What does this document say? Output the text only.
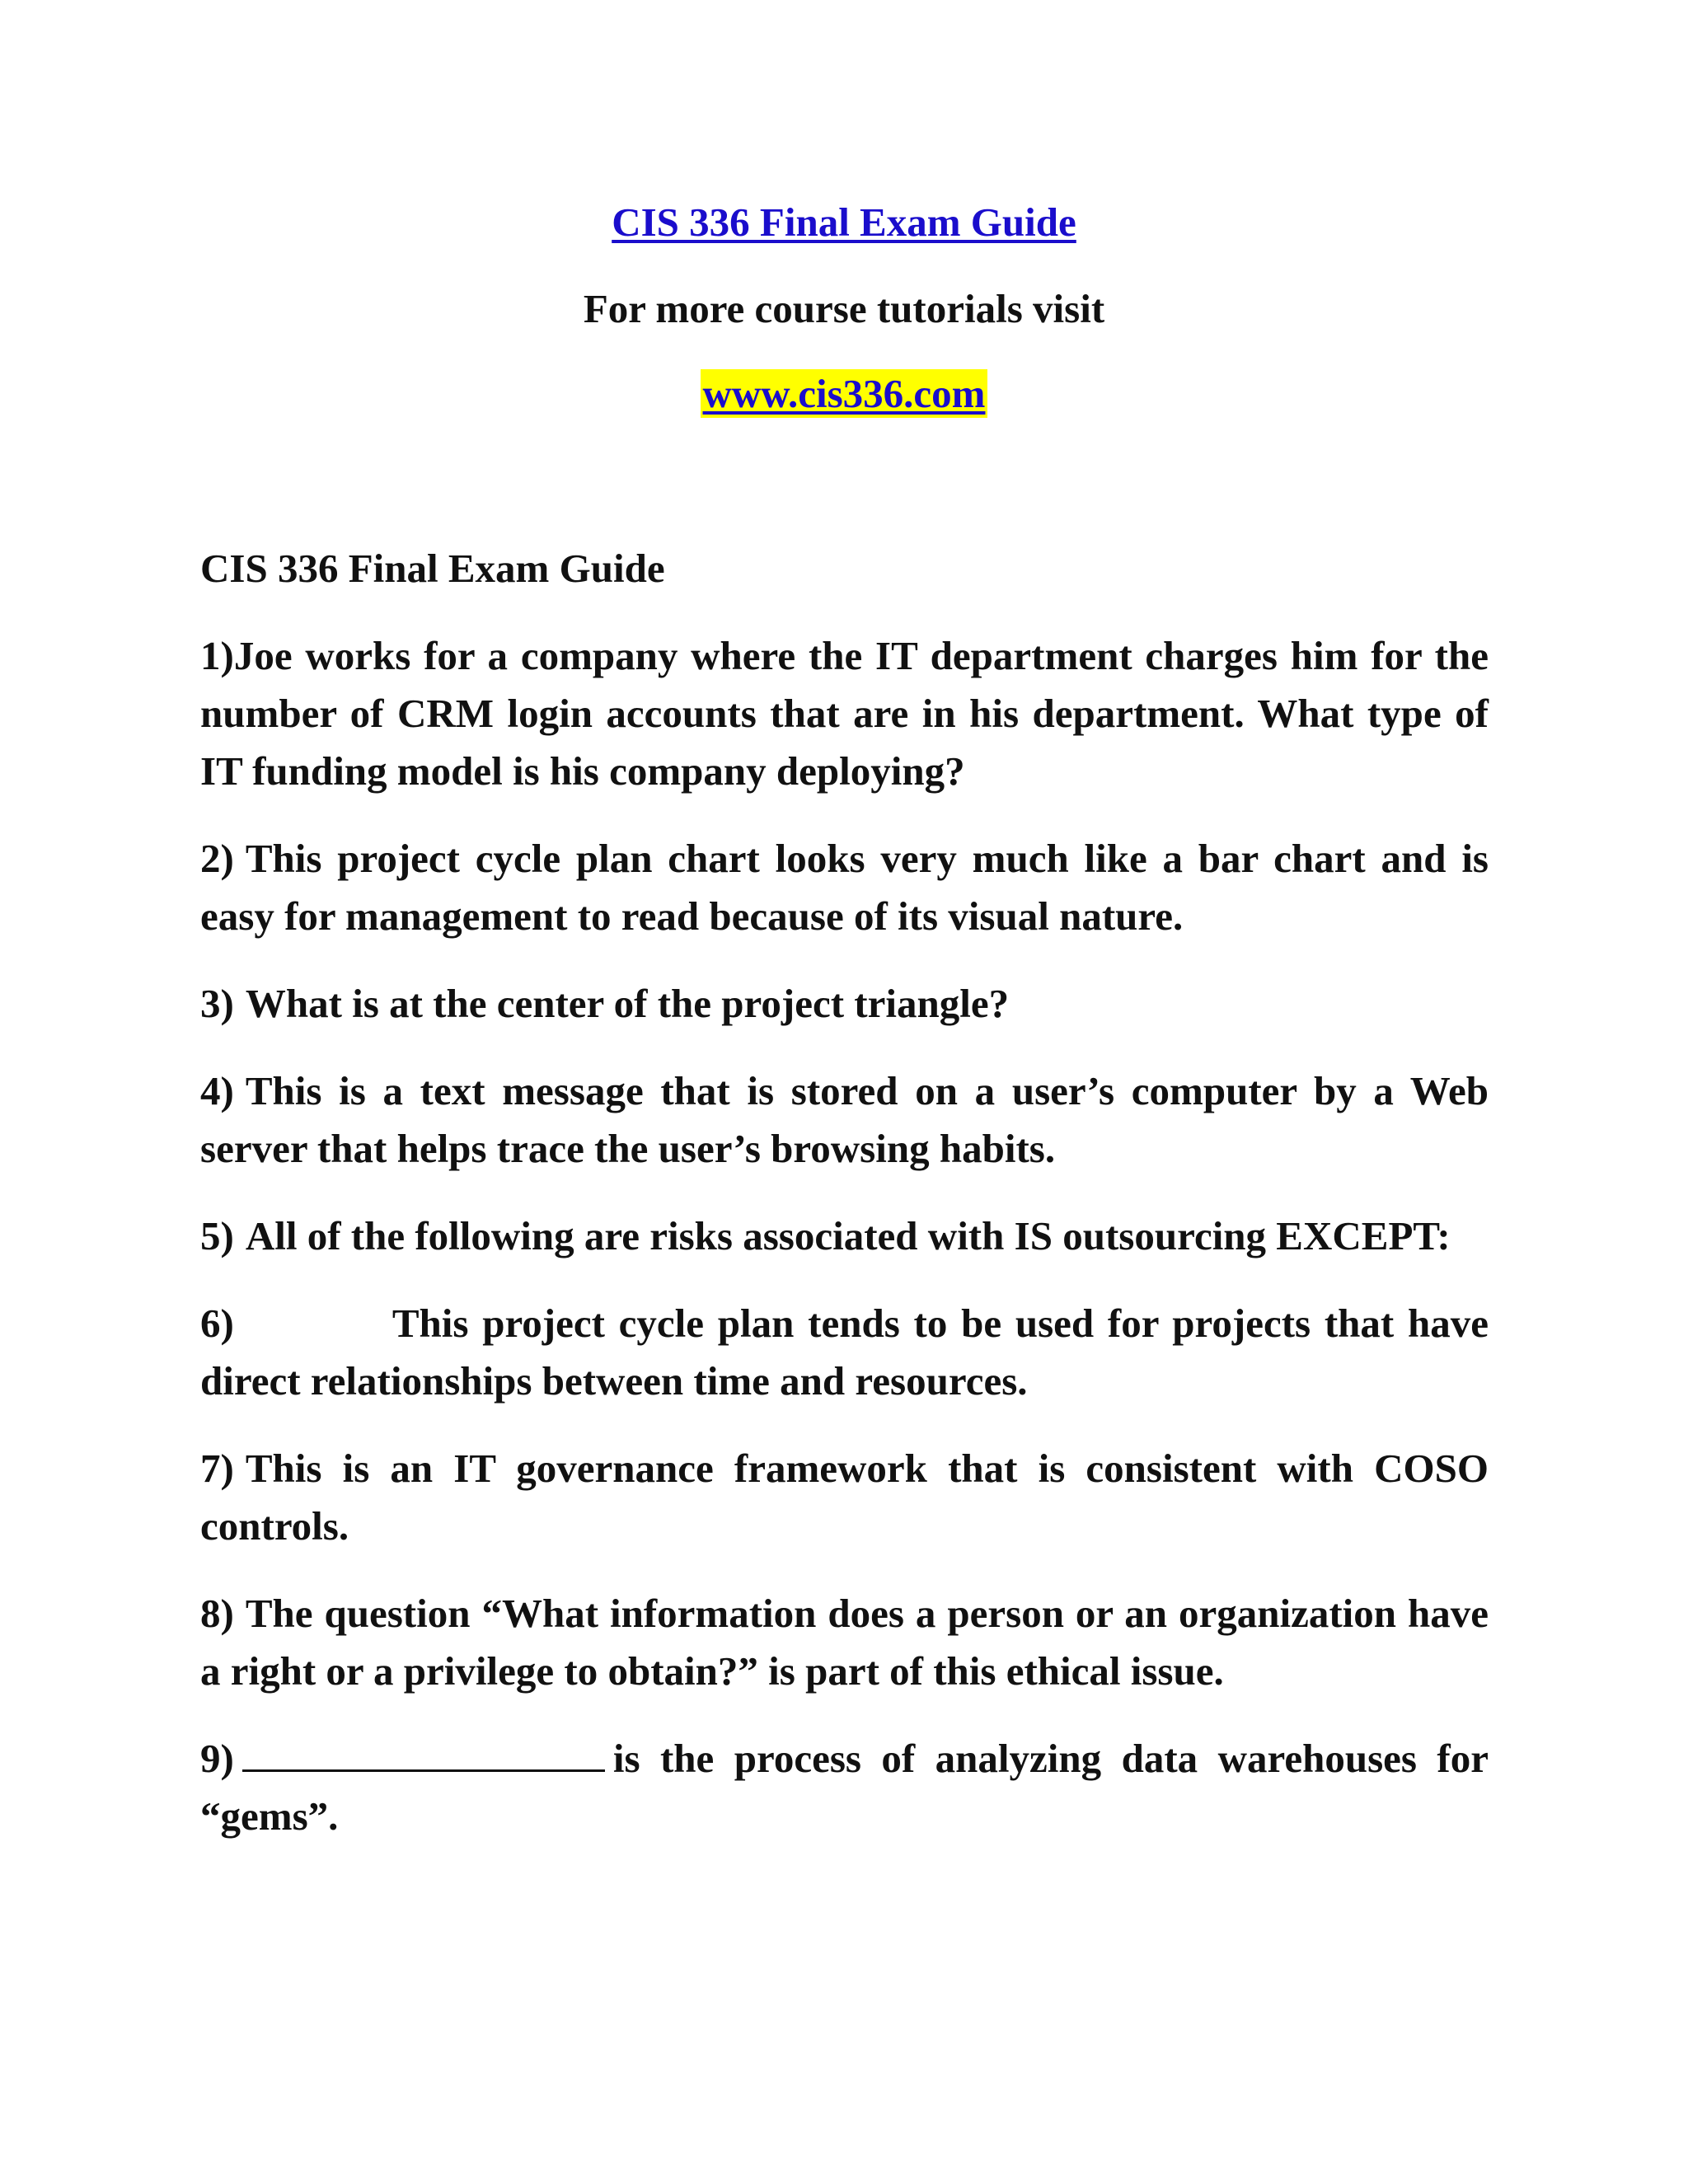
CIS 336 Final Exam Guide
For more course tutorials visit
www.cis336.com
CIS 336 Final Exam Guide
1)Joe works for a company where the IT department charges him for the number of CRM login accounts that are in his department. What type of IT funding model is his company deploying?
2) This project cycle plan chart looks very much like a bar chart and is easy for management to read because of its visual nature.
3) What is at the center of the project triangle?
4) This is a text message that is stored on a user’s computer by a Web server that helps trace the user’s browsing habits.
5) All of the following are risks associated with IS outsourcing EXCEPT:
6)	This project cycle plan tends to be used for projects that have direct relationships between time and resources.
7) This is an IT governance framework that is consistent with COSO controls.
8) The question “What information does a person or an organization have a right or a privilege to obtain?” is part of this ethical issue.
9)	is the process of analyzing data warehouses for “gems”.
